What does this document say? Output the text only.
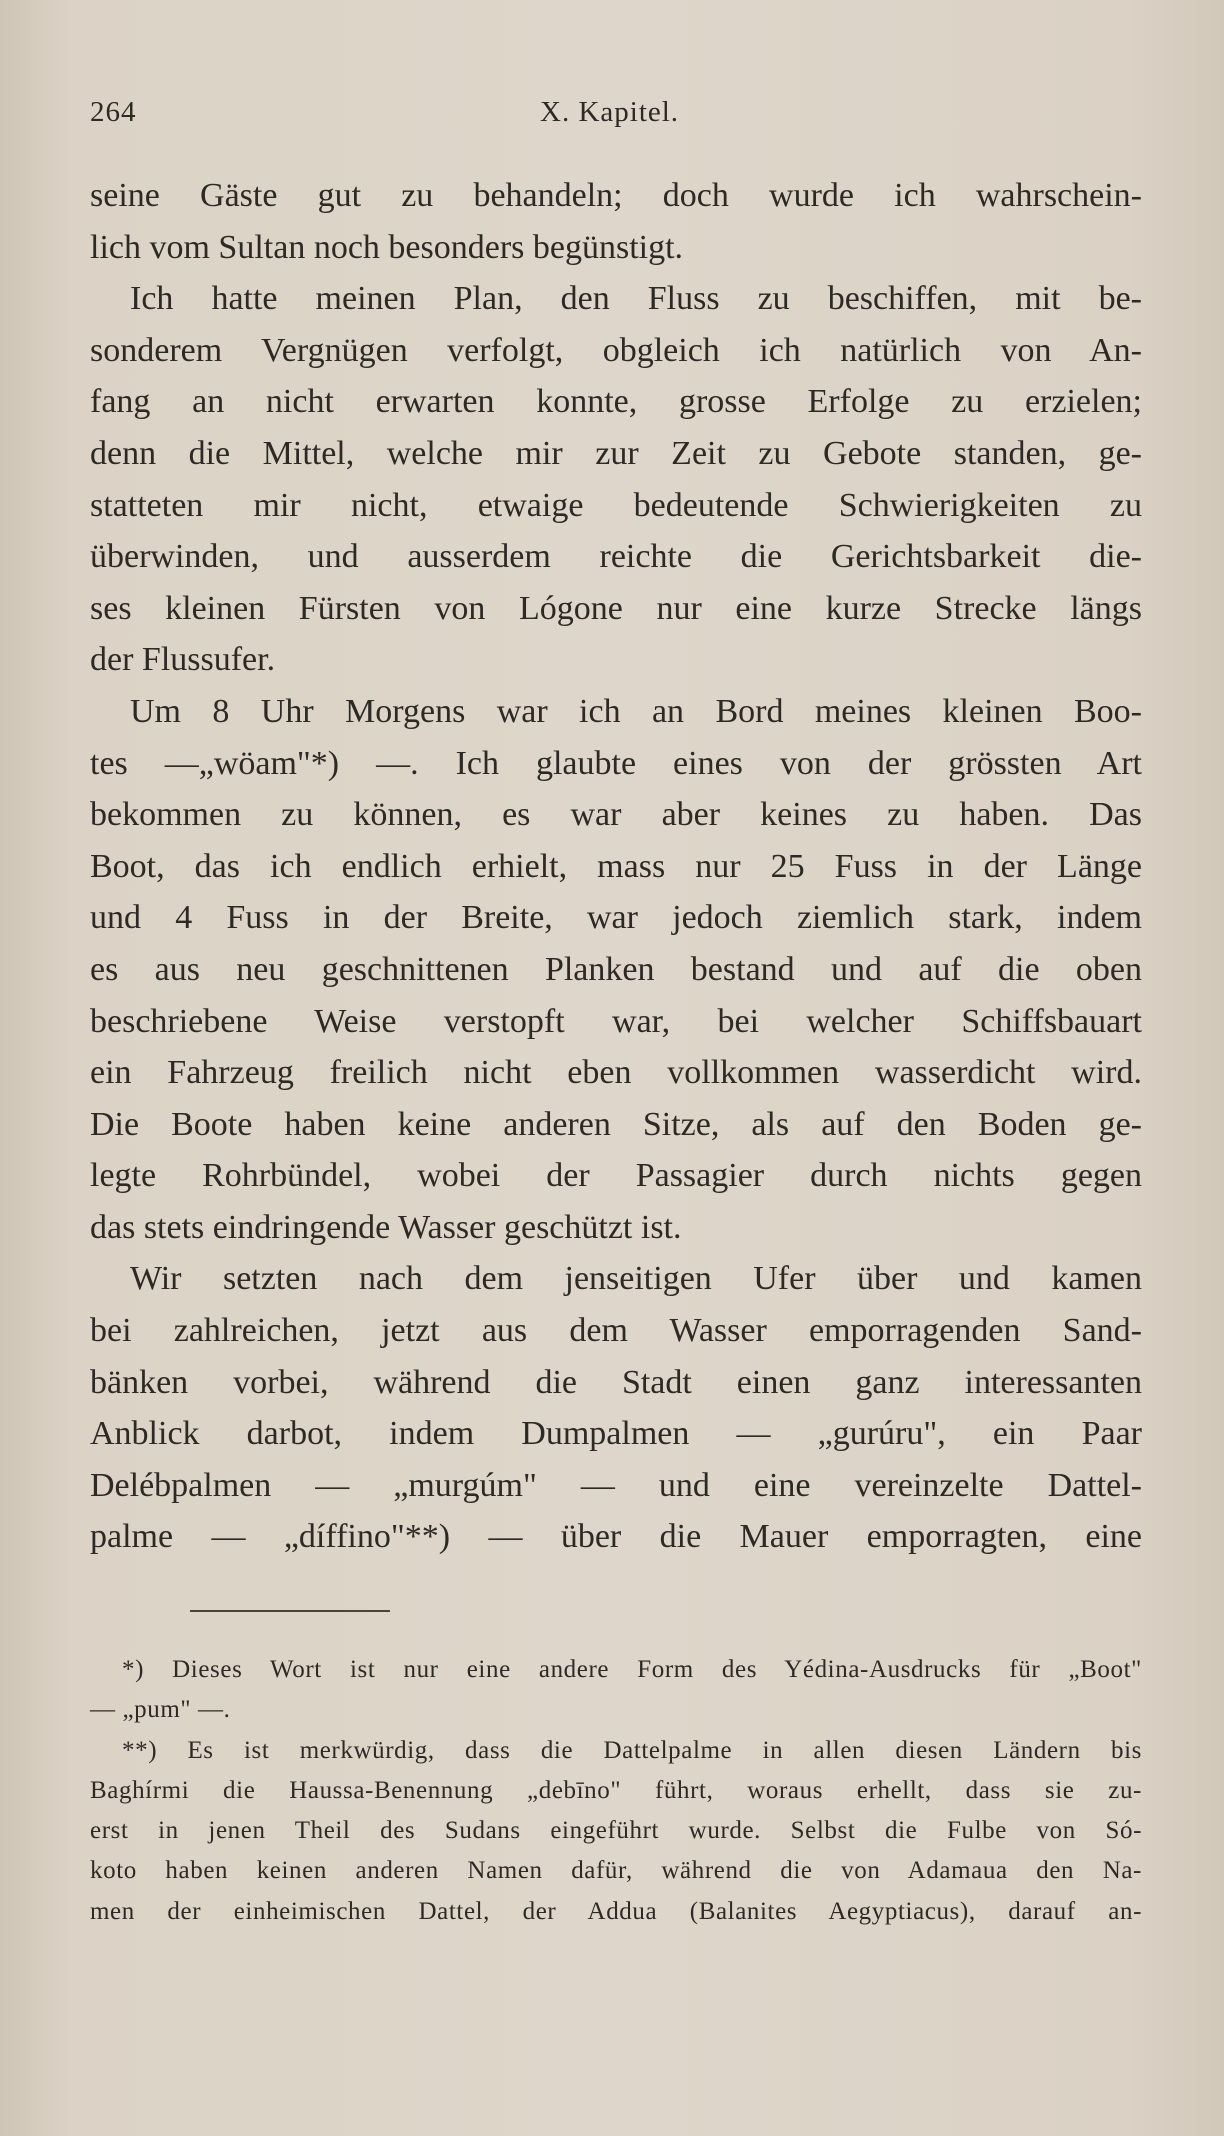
264	X. Kapitel.
seine Gäste gut zu behandeln; doch wurde ich wahrschein-
lich vom Sultan noch besonders begünstigt.
Ich hatte meinen Plan, den Fluss zu beschiffen, mit be-
sonderem Vergnügen verfolgt, obgleich ich natürlich von An-
fang an nicht erwarten konnte, grosse Erfolge zu erzielen;
denn die Mittel, welche mir zur Zeit zu Gebote standen, ge-
statteten mir nicht, etwaige bedeutende Schwierigkeiten zu
überwinden, und ausserdem reichte die Gerichtsbarkeit die-
ses kleinen Fürsten von Lógone nur eine kurze Strecke längs
der Flussufer.
Um 8 Uhr Morgens war ich an Bord meines kleinen Boo-
tes —„wöam"*) —. Ich glaubte eines von der grössten Art
bekommen zu können, es war aber keines zu haben. Das
Boot, das ich endlich erhielt, mass nur 25 Fuss in der Länge
und 4 Fuss in der Breite, war jedoch ziemlich stark, indem
es aus neu geschnittenen Planken bestand und auf die oben
beschriebene Weise verstopft war, bei welcher Schiffsbauart
ein Fahrzeug freilich nicht eben vollkommen wasserdicht wird.
Die Boote haben keine anderen Sitze, als auf den Boden ge-
legte Rohrbündel, wobei der Passagier durch nichts gegen
das stets eindringende Wasser geschützt ist.
Wir setzten nach dem jenseitigen Ufer über und kamen
bei zahlreichen, jetzt aus dem Wasser emporragenden Sand-
bänken vorbei, während die Stadt einen ganz interessanten
Anblick darbot, indem Dumpalmen — „gurúru", ein Paar
Delébpalmen — „murgúm" — und eine vereinzelte Dattel-
palme — „díffino"**) — über die Mauer emporragten, eine
*) Dieses Wort ist nur eine andere Form des Yédina-Ausdrucks für „Boot"
— „pum" —.
**) Es ist merkwürdig, dass die Dattelpalme in allen diesen Ländern bis
Baghírmi die Haussa-Benennung „debīno" führt, woraus erhellt, dass sie zu-
erst in jenen Theil des Sudans eingeführt wurde. Selbst die Fulbe von Só-
koto haben keinen anderen Namen dafür, während die von Adamaua den Na-
men der einheimischen Dattel, der Addua (Balanites Aegyptiacus), darauf an-
